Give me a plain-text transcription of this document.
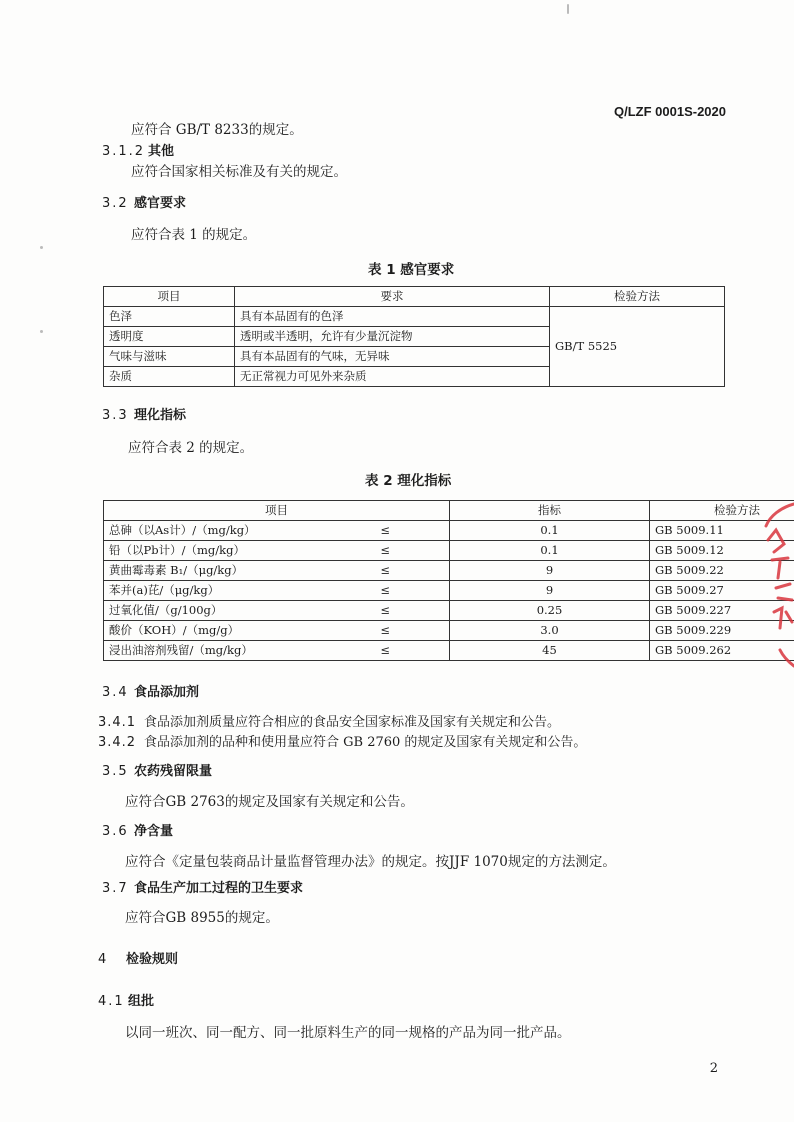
Q/LZF 0001S-2020
应符合 GB/T 8233的规定。
3.1.2 其他
应符合国家相关标准及有关的规定。
3.2 感官要求
应符合表 1 的规定。
表 1 感官要求
项目	要求	检验方法
色泽	具有本品固有的色泽	GB/T 5525
透明度	透明或半透明，允许有少量沉淀物	
气味与滋味	具有本品固有的气味，无异味	
杂质	无正常视力可见外来杂质	
3.3 理化指标
应符合表 2 的规定。
表 2 理化指标
项目		指标	检验方法
总砷（以As计）/（mg/kg）	≤	0.1	GB 5009.11
铅（以Pb计）/（mg/kg）	≤	0.1	GB 5009.12
黄曲霉毒素 B₁/（μg/kg）	≤	9	GB 5009.22
苯并(a)芘/（μg/kg）	≤	9	GB 5009.27
过氧化值/（g/100g）	≤	0.25	GB 5009.227
酸价（KOH）/（mg/g）	≤	3.0	GB 5009.229
浸出油溶剂残留/（mg/kg）	≤	45	GB 5009.262
3.4 食品添加剂
3.4.1 食品添加剂质量应符合相应的食品安全国家标准及国家有关规定和公告。
3.4.2 食品添加剂的品种和使用量应符合 GB 2760 的规定及国家有关规定和公告。
3.5 农药残留限量
应符合GB 2763的规定及国家有关规定和公告。
3.6 净含量
应符合《定量包装商品计量监督管理办法》的规定。按JJF 1070规定的方法测定。
3.7 食品生产加工过程的卫生要求
应符合GB 8955的规定。
4 检验规则
4.1 组批
以同一班次、同一配方、同一批原料生产的同一规格的产品为同一批产品。
2
